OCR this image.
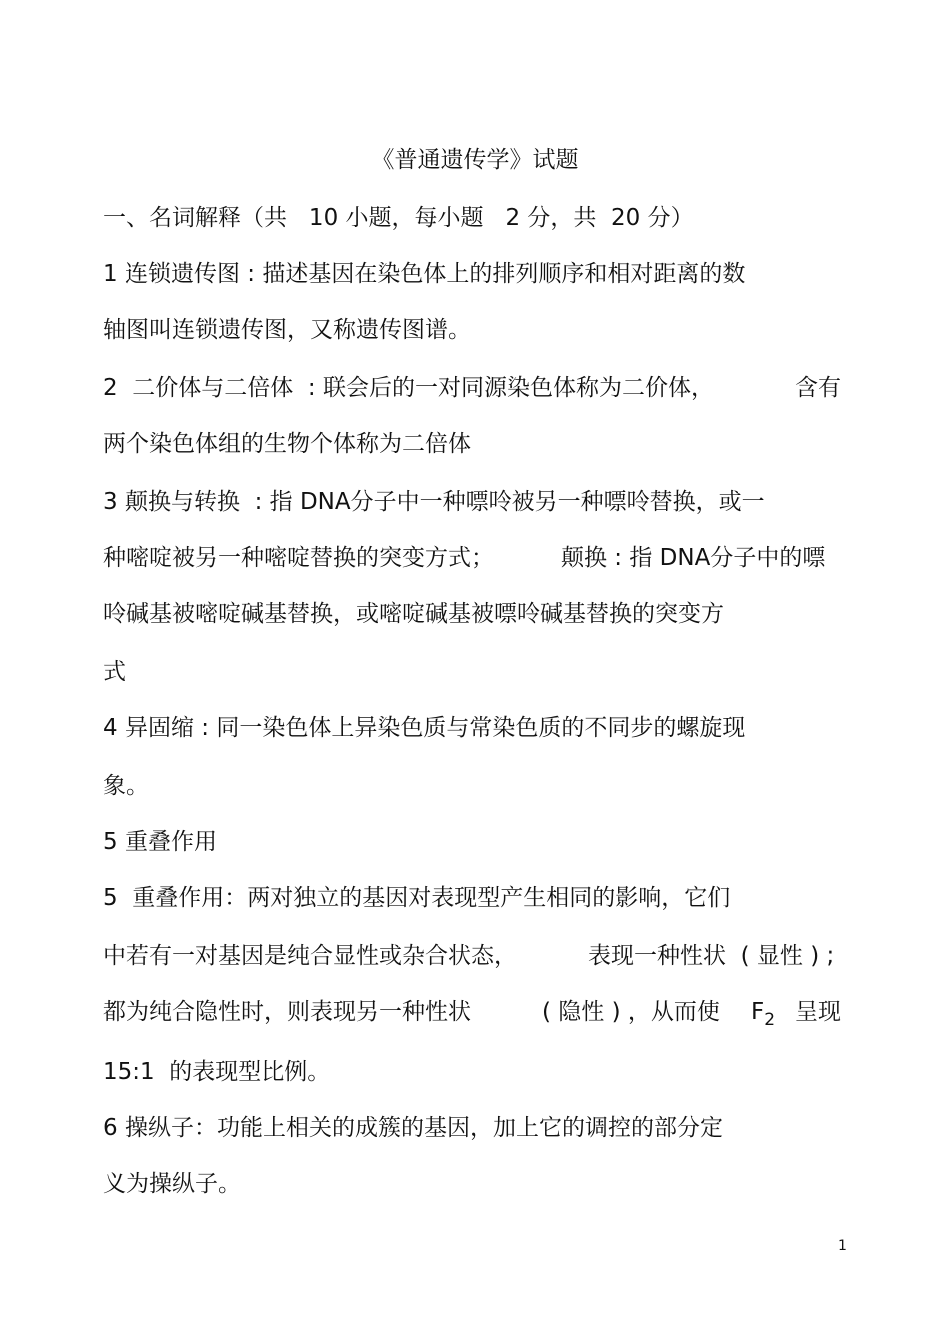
《普通遗传学》试题
一、名词解释（共   10 小题，每小题   2 分，共  20 分）
1 连锁遗传图 : 描述基因在染色体上的排列顺序和相对距离的数
轴图叫连锁遗传图，又称遗传图谱。
2  二价体与二倍体  : 联会后的一对同源染色体称为二价体，	含有
两个染色体组的生物个体称为二倍体
3 颠换与转换  : 指 DNA分子中一种嘌呤被另一种嘌呤替换，或一
种嘧啶被另一种嘧啶替换的突变方式；	颠换 : 指 DNA分子中的嘌
呤碱基被嘧啶碱基替换，或嘧啶碱基被嘌呤碱基替换的突变方
式
4 异固缩 : 同一染色体上异染色质与常染色质的不同步的螺旋现
象。
5 重叠作用
5  重叠作用：两对独立的基因对表现型产生相同的影响，它们
中若有一对基因是纯合显性或杂合状态，	表现一种性状  ( 显性 ) ;
都为纯合隐性时，则表现另一种性状	( 隐性 ) ，从而使 $F_2$ 呈现
15:1  的表现型比例。
6 操纵子：功能上相关的成簇的基因，加上它的调控的部分定
义为操纵子。
1
